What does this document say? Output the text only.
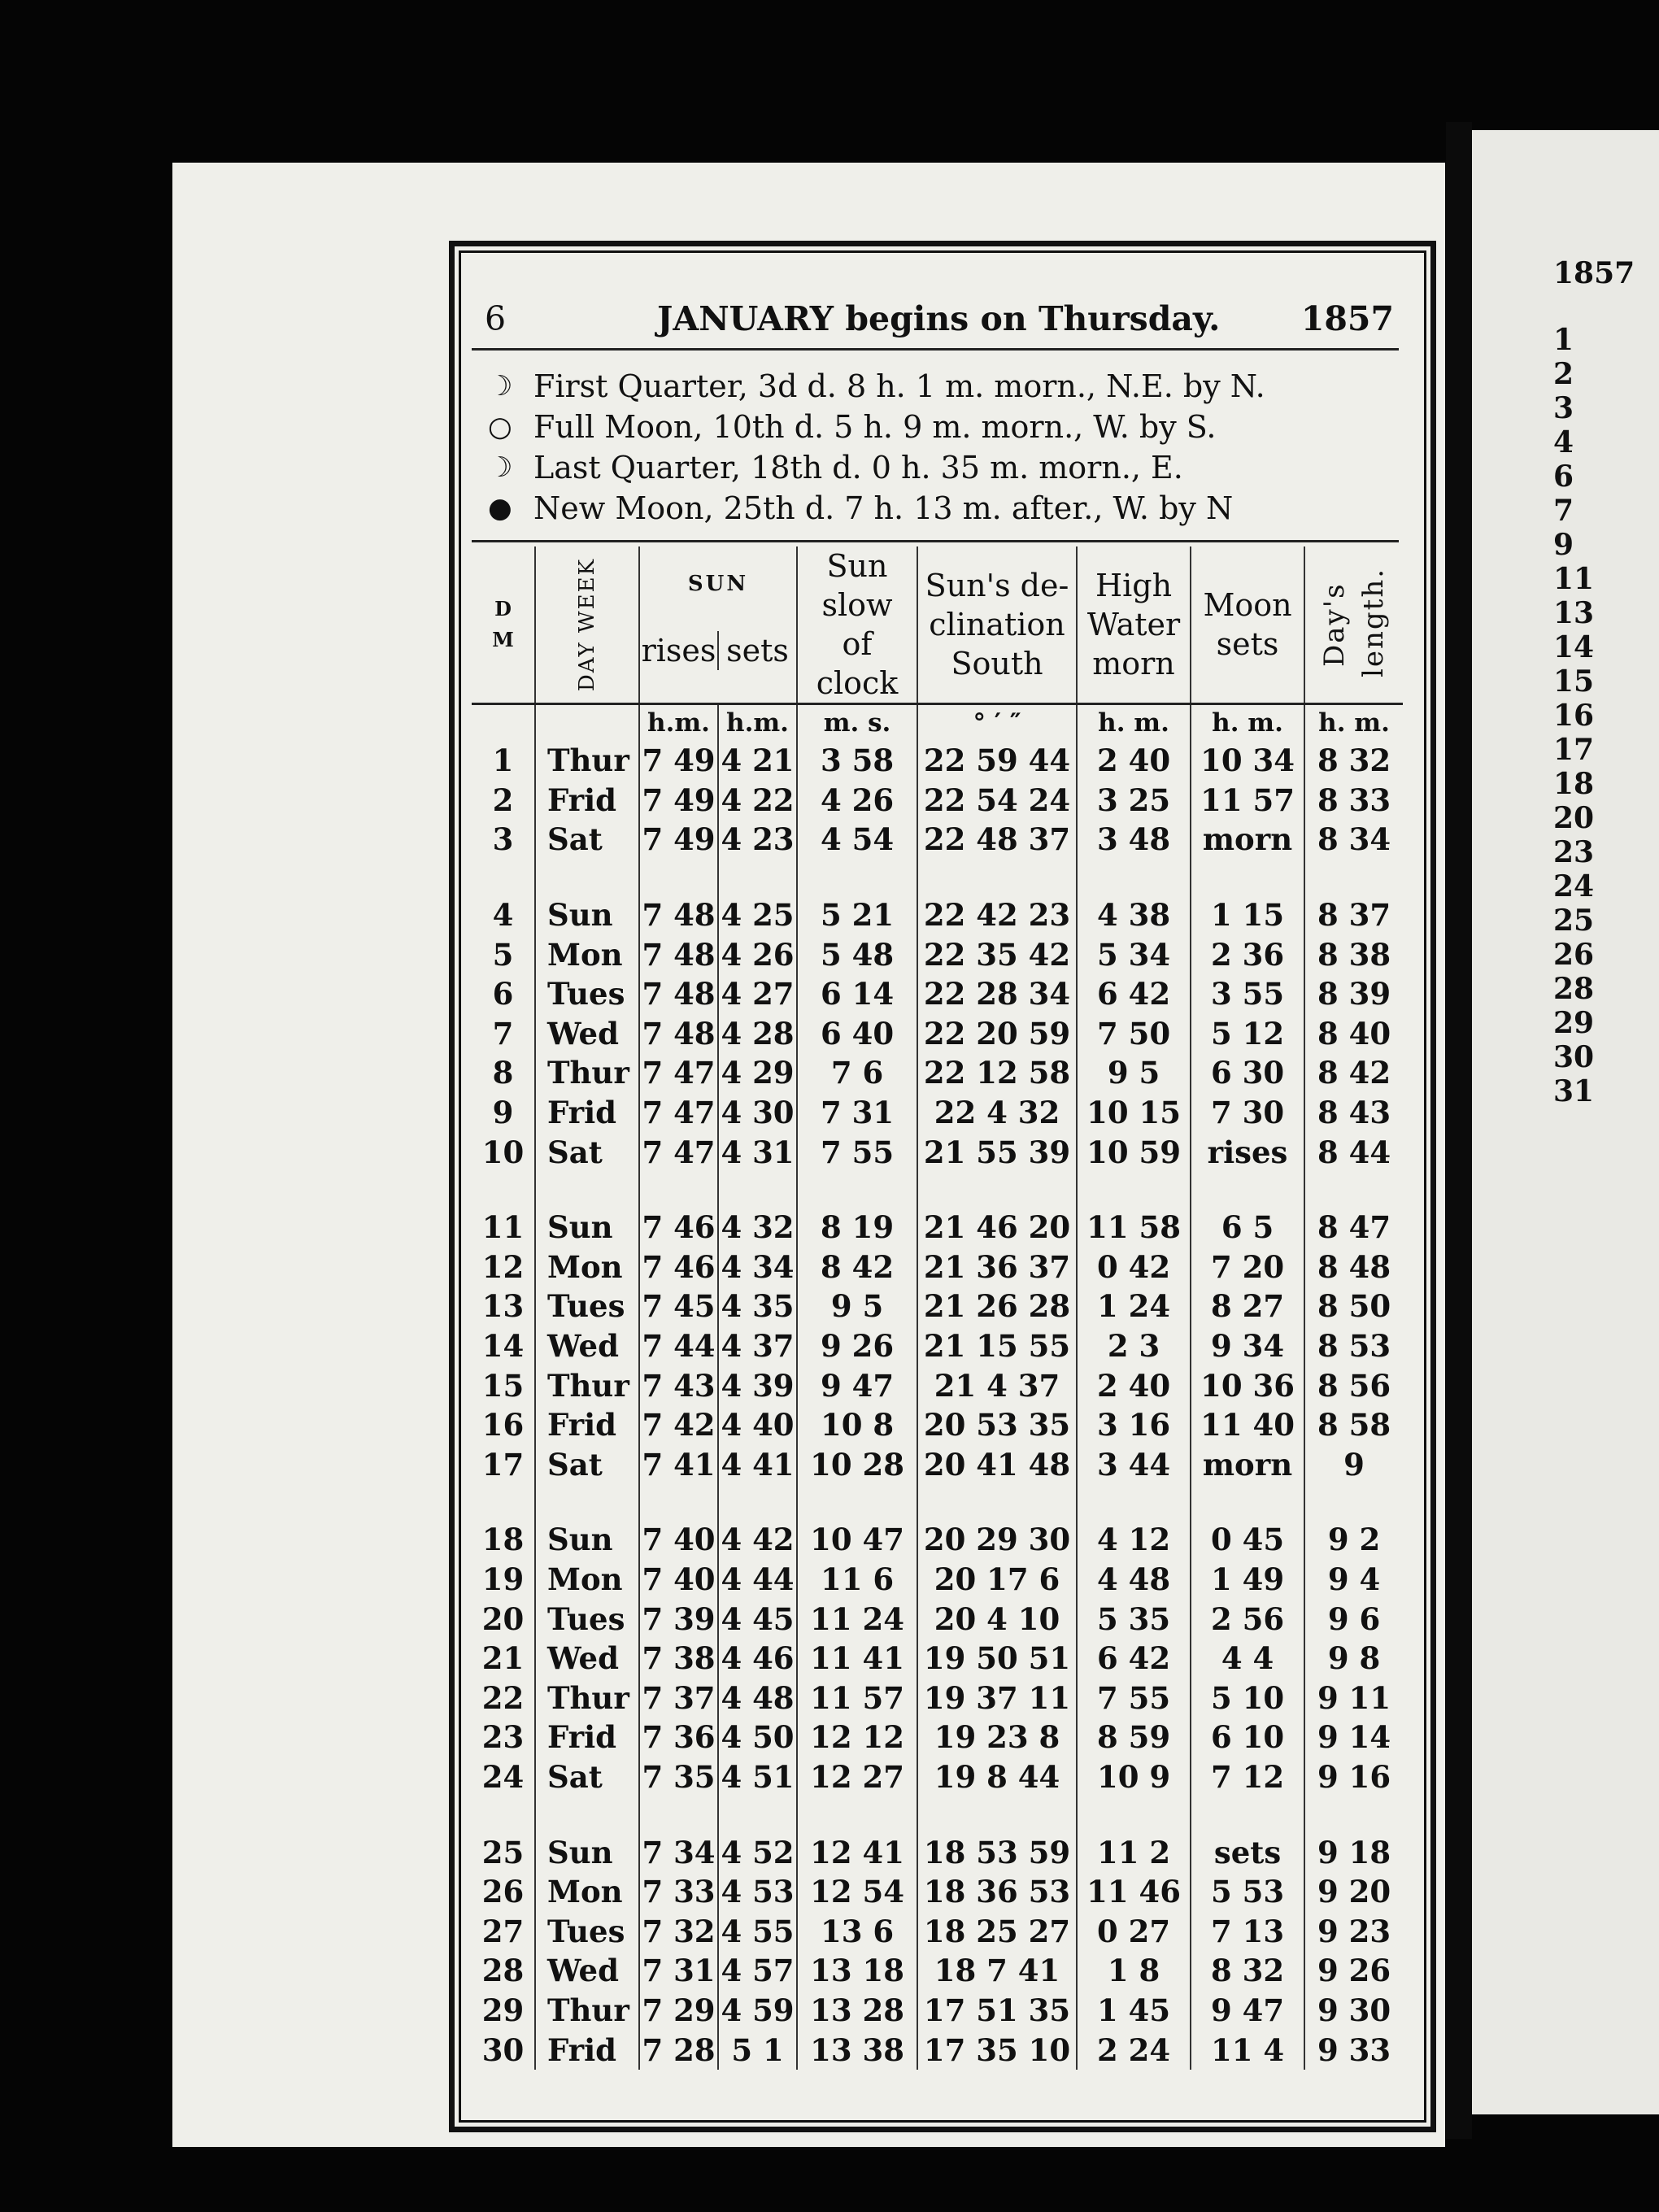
1857
1
2
3
4
6
7
9
11
13
14
15
16
17
18
20
23
24
25
26
28
29
30
31
6	JANUARY begins on Thursday. 1857
☽ First Quarter, 3d d. 8 h. 1 m. morn., N.E. by N.
○ Full Moon, 10th d. 5 h. 9 m. morn., W. by S.
☽ Last Quarter, 18th d. 0 h. 35 m. morn., E.
● New Moon, 25th d. 7 h. 13 m. after., W. by N
D M	DAY WEEK	SUN
rises sets		Sun slow of clock	Sun's de- clination South	High Water morn	Moon sets	Day's length.

		h.m.	h.m.	m. s.	° ′ ″	h. m.	h. m.	h. m.
1	Thur	7 49	4 21	3 58	22 59 44	2 40	10 34	8 32
2	Frid	7 49	4 22	4 26	22 54 24	3 25	11 57	8 33
3	Sat	7 49	4 23	4 54	22 48 37	3 48	morn	8 34

4	Sun	7 48	4 25	5 21	22 42 23	4 38	1 15	8 37
5	Mon	7 48	4 26	5 48	22 35 42	5 34	2 36	8 38
6	Tues	7 48	4 27	6 14	22 28 34	6 42	3 55	8 39
7	Wed	7 48	4 28	6 40	22 20 59	7 50	5 12	8 40
8	Thur	7 47	4 29	7 6	22 12 58	9 5	6 30	8 42
9	Frid	7 47	4 30	7 31	22 4 32	10 15	7 30	8 43
10	Sat	7 47	4 31	7 55	21 55 39	10 59	rises	8 44

11	Sun	7 46	4 32	8 19	21 46 20	11 58	6 5	8 47
12	Mon	7 46	4 34	8 42	21 36 37	0 42	7 20	8 48
13	Tues	7 45	4 35	9 5	21 26 28	1 24	8 27	8 50
14	Wed	7 44	4 37	9 26	21 15 55	2 3	9 34	8 53
15	Thur	7 43	4 39	9 47	21 4 37	2 40	10 36	8 56
16	Frid	7 42	4 40	10 8	20 53 35	3 16	11 40	8 58
17	Sat	7 41	4 41	10 28	20 41 48	3 44	morn	9

18	Sun	7 40	4 42	10 47	20 29 30	4 12	0 45	9 2
19	Mon	7 40	4 44	11 6	20 17 6	4 48	1 49	9 4
20	Tues	7 39	4 45	11 24	20 4 10	5 35	2 56	9 6
21	Wed	7 38	4 46	11 41	19 50 51	6 42	4 4	9 8
22	Thur	7 37	4 48	11 57	19 37 11	7 55	5 10	9 11
23	Frid	7 36	4 50	12 12	19 23 8	8 59	6 10	9 14
24	Sat	7 35	4 51	12 27	19 8 44	10 9	7 12	9 16

25	Sun	7 34	4 52	12 41	18 53 59	11 2	sets	9 18
26	Mon	7 33	4 53	12 54	18 36 53	11 46	5 53	9 20
27	Tues	7 32	4 55	13 6	18 25 27	0 27	7 13	9 23
28	Wed	7 31	4 57	13 18	18 7 41	1 8	8 32	9 26
29	Thur	7 29	4 59	13 28	17 51 35	1 45	9 47	9 30
30	Frid	7 28	5 1	13 38	17 35 10	2 24	11 4	9 33
